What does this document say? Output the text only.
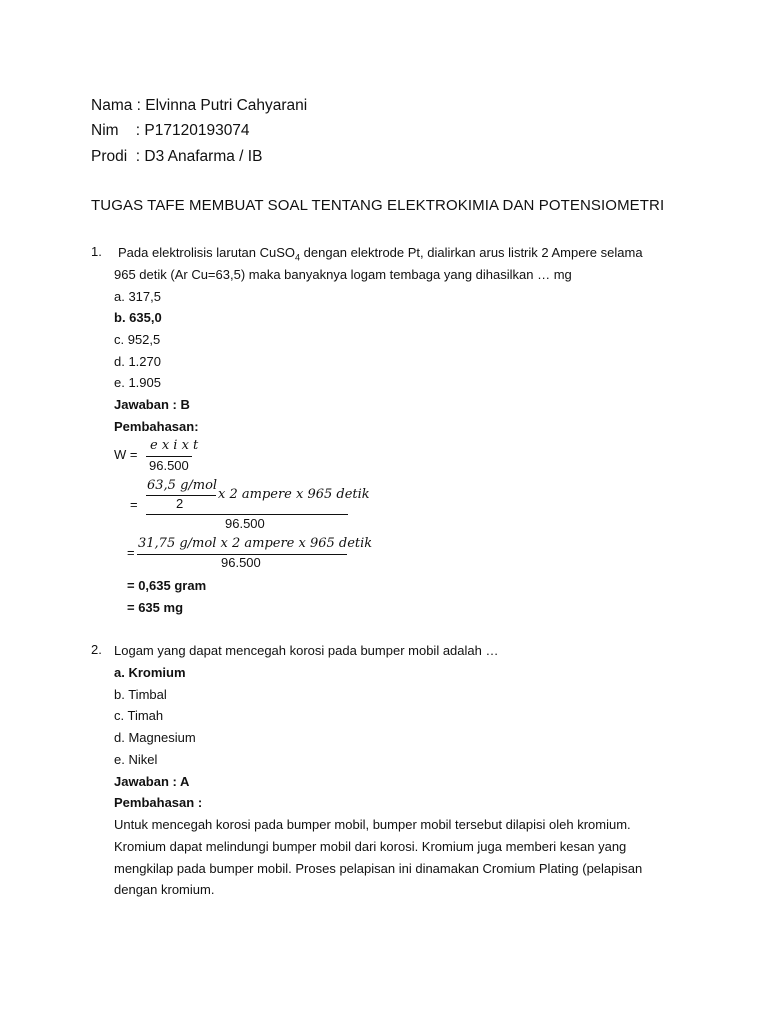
Nama : Elvinna Putri Cahyarani
Nim    : P17120193074
Prodi  : D3 Anafarma / IB
TUGAS TAFE MEMBUAT SOAL TENTANG ELEKTROKIMIA DAN POTENSIOMETRI
1. Pada elektrolisis larutan CuSO$_4$ dengan elektrode Pt, dialirkan arus listrik 2 Ampere selama
965 detik (Ar Cu=63,5) maka banyaknya logam tembaga yang dihasilkan … mg
a. 317,5
b. 635,0
c. 952,5
d. 1.270
e. 1.905
Jawaban : B
Pembahasan:
W =
e x i x t
96.500
=
63,5 g/mol
2
x 2 ampere x 965 detik
96.500
=
31,75 g/mol x 2 ampere x 965 detik
96.500
= 0,635 gram
= 635 mg
2. Logam yang dapat mencegah korosi pada bumper mobil adalah …
a. Kromium
b. Timbal
c. Timah
d. Magnesium
e. Nikel
Jawaban : A
Pembahasan :
Untuk mencegah korosi pada bumper mobil, bumper mobil tersebut dilapisi oleh kromium.
Kromium dapat melindungi bumper mobil dari korosi. Kromium juga memberi kesan yang
mengkilap pada bumper mobil. Proses pelapisan ini dinamakan Cromium Plating (pelapisan
dengan kromium.
